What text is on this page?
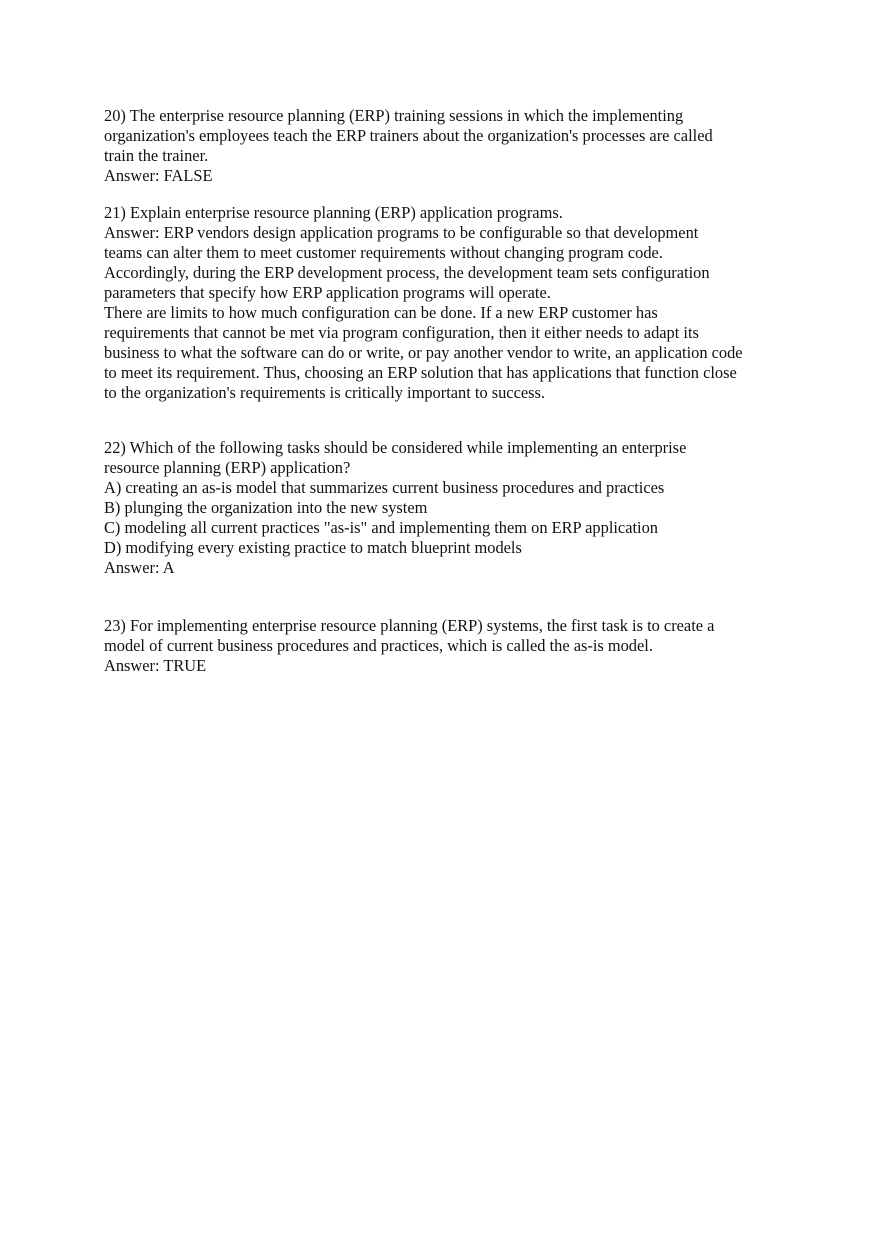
20) The enterprise resource planning (ERP) training sessions in which the implementing
organization's employees teach the ERP trainers about the organization's processes are called
train the trainer.
Answer: FALSE
21) Explain enterprise resource planning (ERP) application programs.
Answer: ERP vendors design application programs to be configurable so that development
teams can alter them to meet customer requirements without changing program code.
Accordingly, during the ERP development process, the development team sets configuration
parameters that specify how ERP application programs will operate.
There are limits to how much configuration can be done. If a new ERP customer has
requirements that cannot be met via program configuration, then it either needs to adapt its
business to what the software can do or write, or pay another vendor to write, an application code
to meet its requirement. Thus, choosing an ERP solution that has applications that function close
to the organization's requirements is critically important to success.
22) Which of the following tasks should be considered while implementing an enterprise
resource planning (ERP) application?
A) creating an as-is model that summarizes current business procedures and practices
B) plunging the organization into the new system
C) modeling all current practices "as-is" and implementing them on ERP application
D) modifying every existing practice to match blueprint models
Answer: A
23) For implementing enterprise resource planning (ERP) systems, the first task is to create a
model of current business procedures and practices, which is called the as-is model.
Answer: TRUE
